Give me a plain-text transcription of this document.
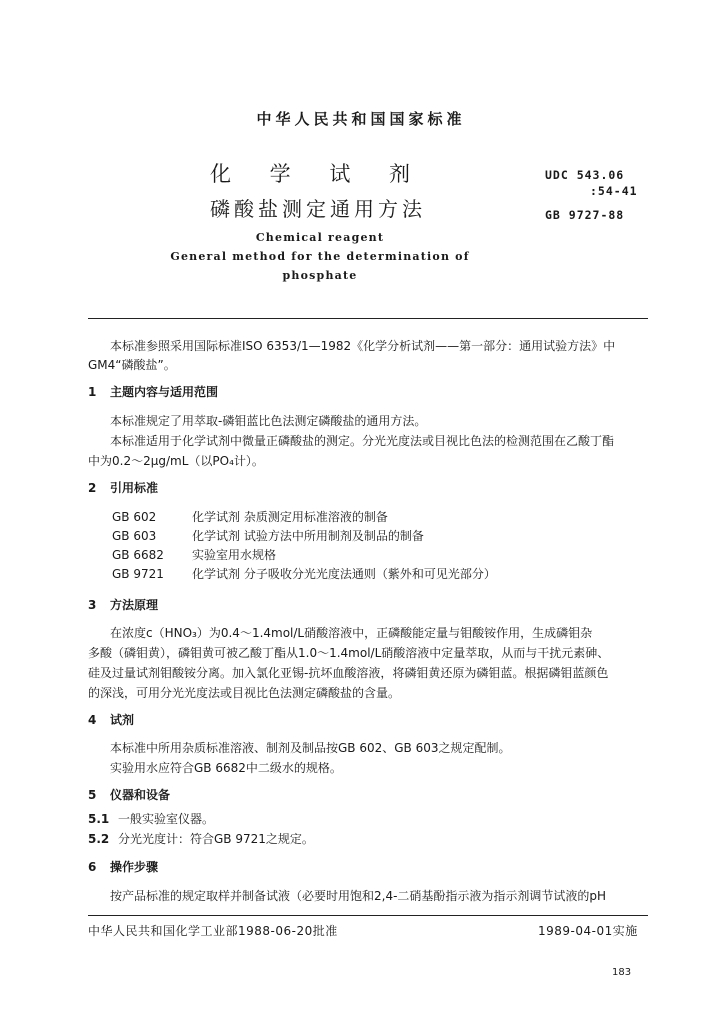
中华人民共和国国家标准
化 学 试 剂
磷酸盐测定通用方法
Chemical reagent
General method for the determination of
phosphate
UDC 543.06
:54-41
GB 9727-88
本标准参照采用国际标准ISO 6353/1—1982《化学分析试剂——第一部分：通用试验方法》中
GM4“磷酸盐”。
1 主题内容与适用范围
本标准规定了用萃取-磷钼蓝比色法测定磷酸盐的通用方法。
本标准适用于化学试剂中微量正磷酸盐的测定。分光光度法或目视比色法的检测范围在乙酸丁酯
中为0.2～2μg/mL（以PO₄计）。
2 引用标准
GB 602	化学试剂 杂质测定用标准溶液的制备
GB 603	化学试剂 试验方法中所用制剂及制品的制备
GB 6682 实验室用水规格
GB 9721 化学试剂 分子吸收分光光度法通则（紫外和可见光部分）
3 方法原理
在浓度c（HNO₃）为0.4～1.4mol/L硝酸溶液中，正磷酸能定量与钼酸铵作用，生成磷钼杂
多酸（磷钼黄），磷钼黄可被乙酸丁酯从1.0～1.4mol/L硝酸溶液中定量萃取，从而与干扰元素砷、
硅及过量试剂钼酸铵分离。加入氯化亚锡-抗坏血酸溶液，将磷钼黄还原为磷钼蓝。根据磷钼蓝颜色
的深浅，可用分光光度法或目视比色法测定磷酸盐的含量。
4 试剂
本标准中所用杂质标准溶液、制剂及制品按GB 602、GB 603之规定配制。
实验用水应符合GB 6682中二级水的规格。
5 仪器和设备
5.1 一般实验室仪器。
5.2 分光光度计：符合GB 9721之规定。
6 操作步骤
按产品标准的规定取样并制备试液（必要时用饱和2,4-二硝基酚指示液为指示剂调节试液的pH
中华人民共和国化学工业部1988-06-20批准	1989-04-01实施
183
